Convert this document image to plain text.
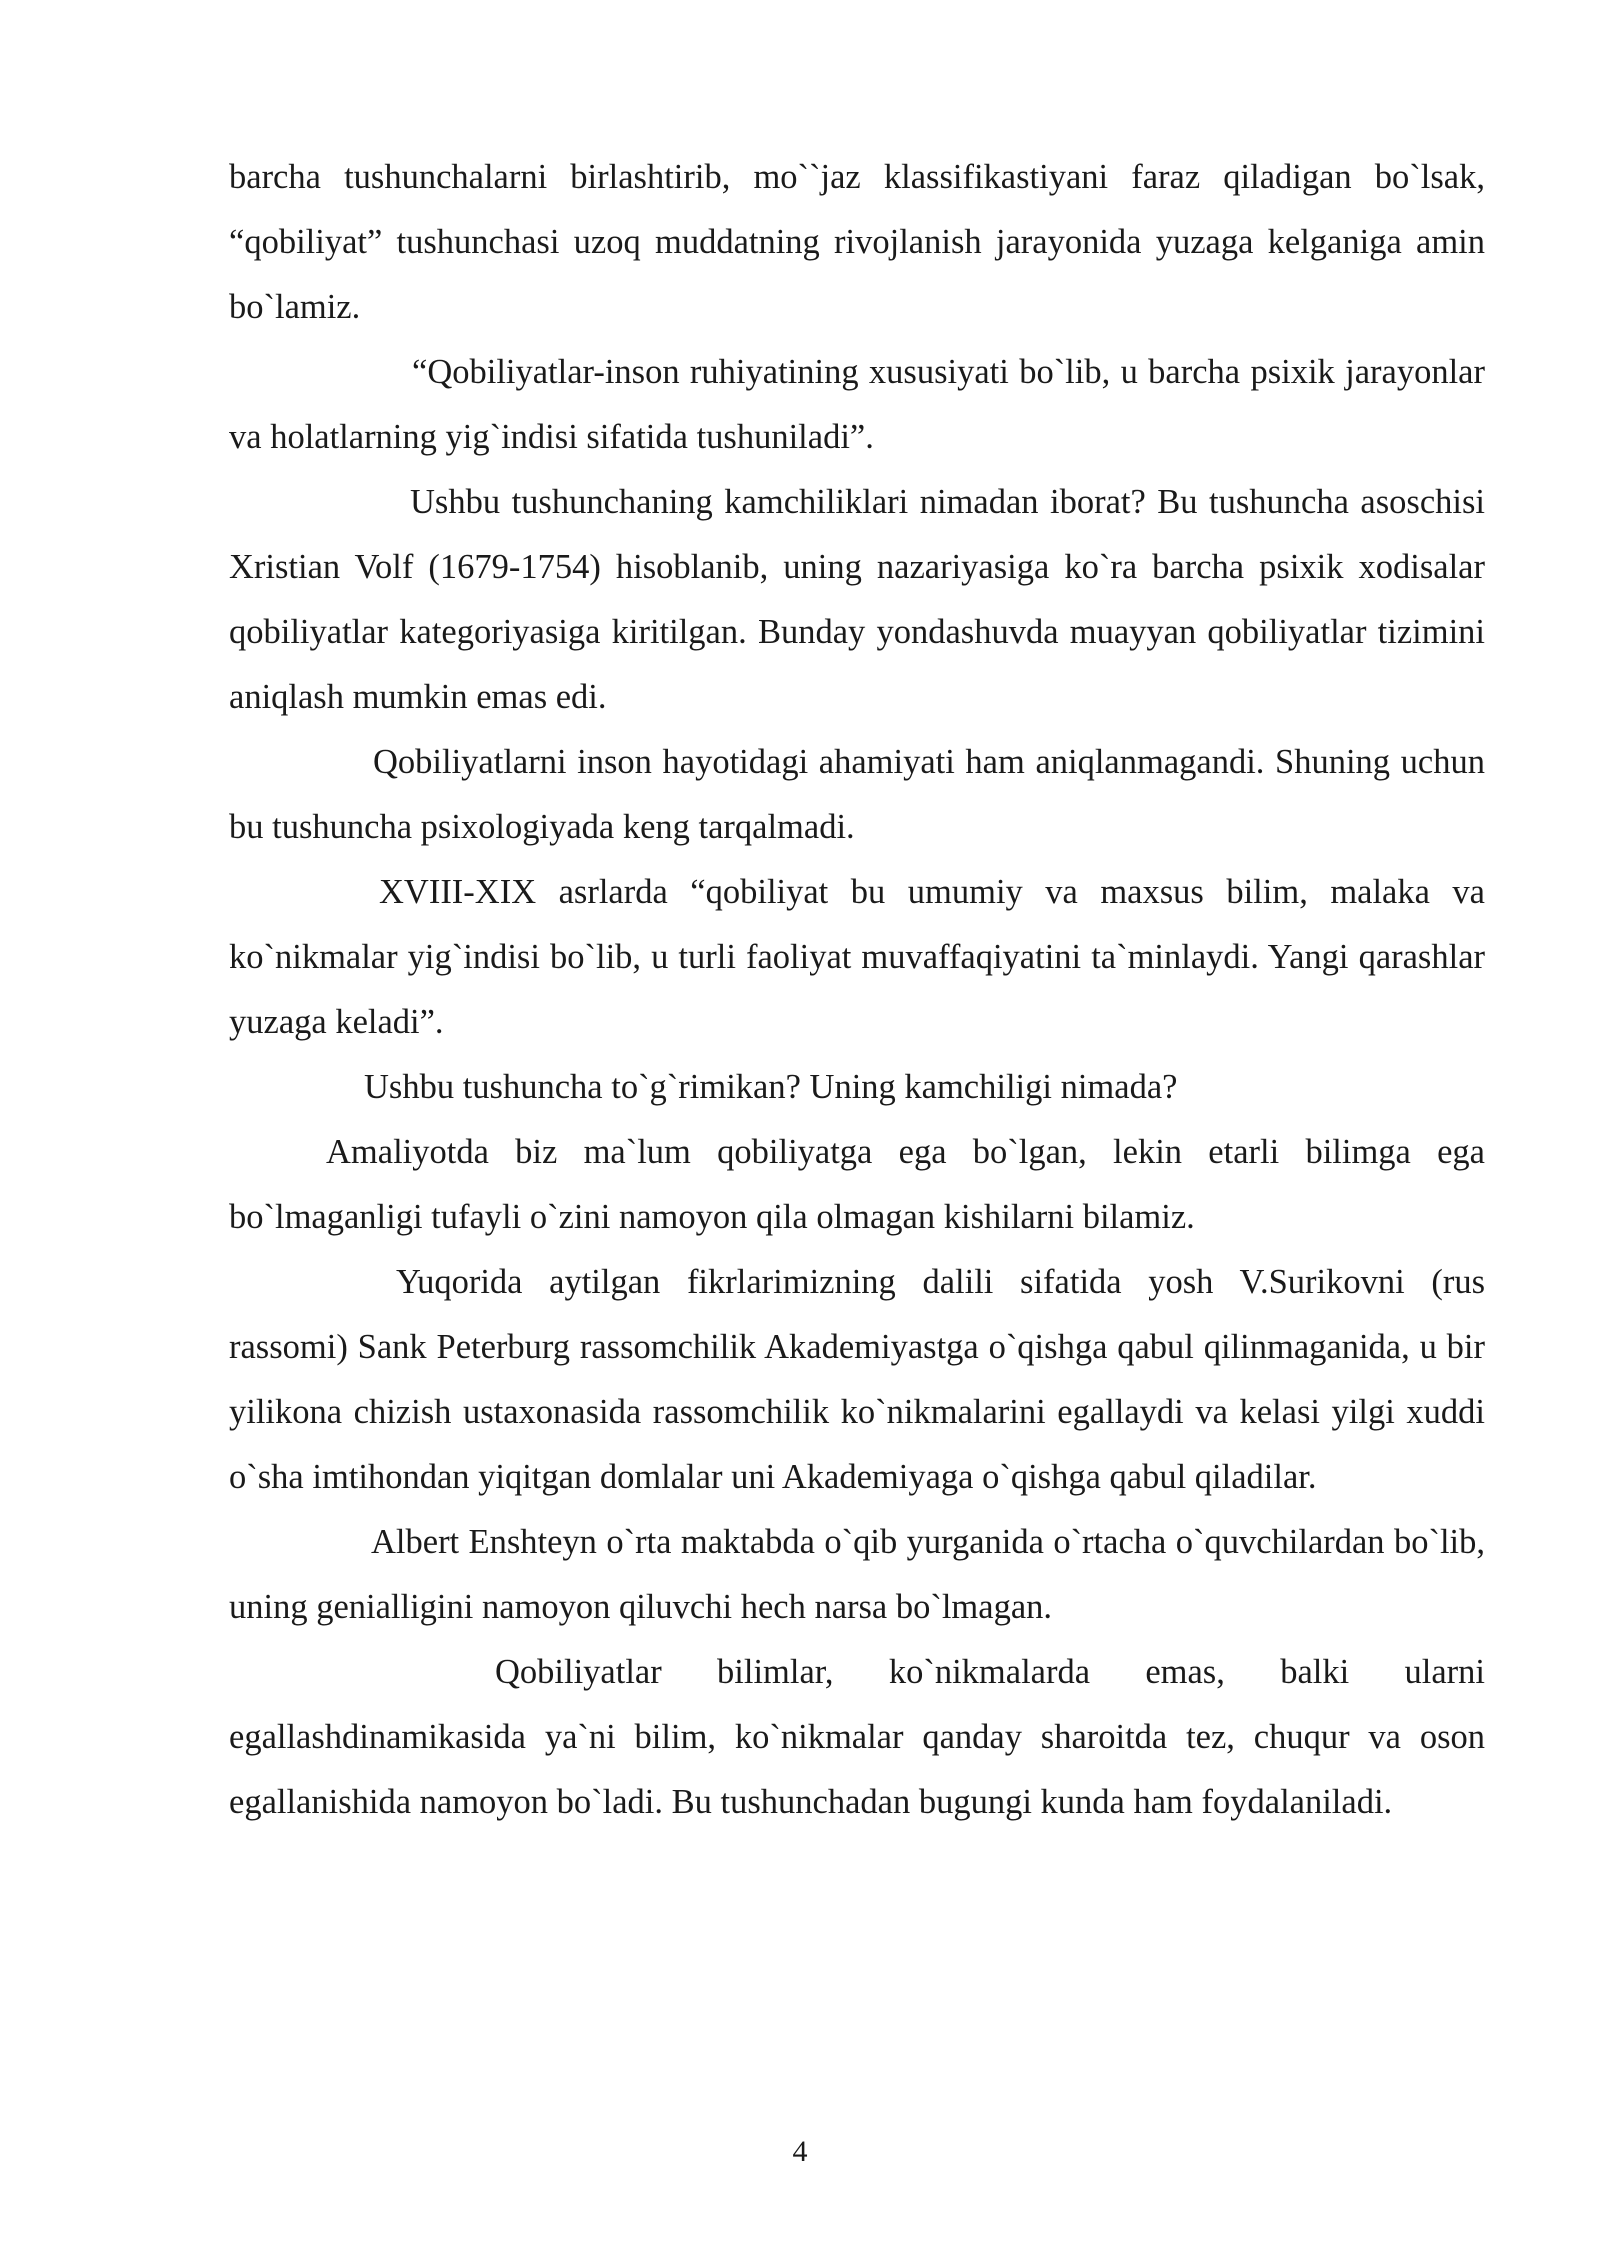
barcha tushunchalarni birlashtirib, mo``jaz klassifikastiyani faraz qiladigan bo`lsak, “qobiliyat” tushunchasi uzoq muddatning rivojlanish jarayonida yuzaga kelganiga amin bo`lamiz.

“Qobiliyatlar-inson ruhiyatining xususiyati bo`lib, u barcha psixik jarayonlar va holatlarning yig`indisi sifatida tushuniladi”.

Ushbu tushunchaning kamchiliklari nimadan iborat? Bu tushuncha asoschisi Xristian Volf (1679-1754) hisoblanib, uning nazariyasiga ko`ra barcha psixik xodisalar qobiliyatlar kategoriyasiga kiritilgan. Bunday yondashuvda muayyan qobiliyatlar tizimini aniqlash mumkin emas edi.

Qobiliyatlarni inson hayotidagi ahamiyati ham aniqlanmagandi. Shuning uchun bu tushuncha psixologiyada keng tarqalmadi.

XVIII-XIX asrlarda “qobiliyat bu umumiy va maxsus bilim, malaka va ko`nikmalar yig`indisi bo`lib, u turli faoliyat muvaffaqiyatini ta`minlaydi. Yangi qarashlar yuzaga keladi”.

Ushbu tushuncha to`g`rimikan? Uning kamchiligi nimada?

Amaliyotda biz ma`lum qobiliyatga ega bo`lgan, lekin etarli bilimga ega bo`lmaganligi tufayli o`zini namoyon qila olmagan kishilarni bilamiz.

Yuqorida aytilgan fikrlarimizning dalili sifatida yosh V.Surikovni (rus rassomi) Sank Peterburg rassomchilik Akademiyastga o`qishga qabul qilinmaganida, u bir yilikona chizish ustaxonasida rassomchilik ko`nikmalarini egallaydi va kelasi yilgi xuddi o`sha imtihondan yiqitgan domlalar uni Akademiyaga o`qishga qabul qiladilar.

Albert Enshteyn o`rta maktabda o`qib yurganida o`rtacha o`quvchilardan bo`lib, uning genialligini namoyon qiluvchi hech narsa bo`lmagan.

Qobiliyatlar bilimlar, ko`nikmalarda emas, balki ularni egallashdinamikasida ya`ni bilim, ko`nikmalar qanday sharoitda tez, chuqur va oson egallanishida namoyon bo`ladi. Bu tushunchadan bugungi kunda ham foydalaniladi.

4
